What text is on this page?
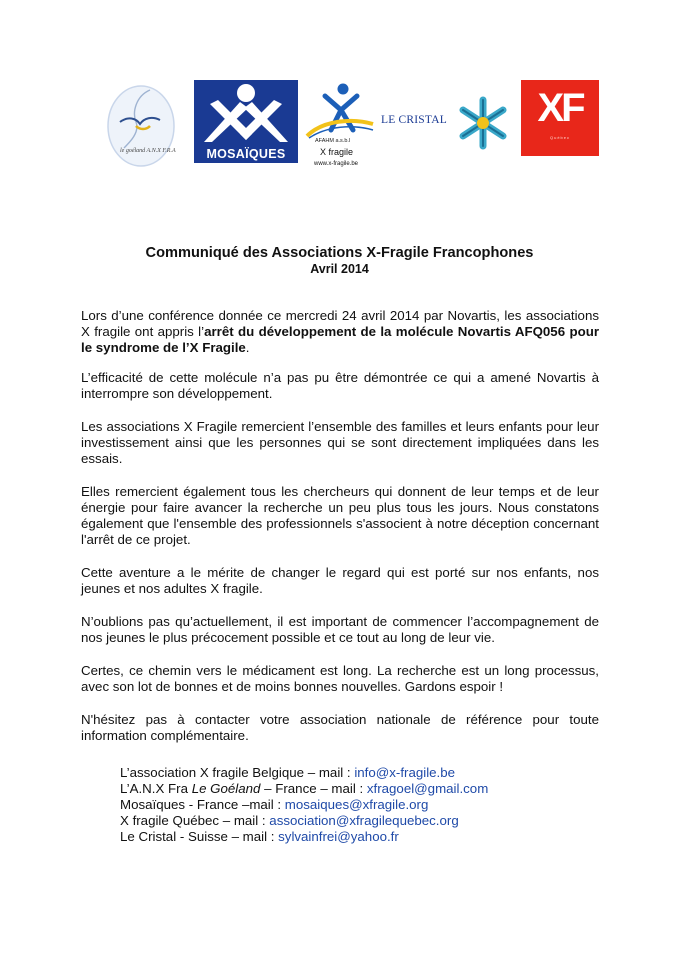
le goéland A.N.X F.R.A	MOSAÏQUES
AFAHM a.s.b.l
X fragile
www.x-fragile.be
LE CRISTAL	XF
Québec
Communiqué des Associations X-Fragile Francophones
Avril 2014

Lors d’une conférence donnée ce mercredi 24 avril 2014 par Novartis, les associations X fragile ont appris l’arrêt du développement de la molécule Novartis AFQ056 pour le syndrome de l’X Fragile.

L’efficacité de cette molécule n’a pas pu être démontrée ce qui a amené Novartis à interrompre son développement.

Les associations X Fragile remercient l’ensemble des familles et leurs enfants pour leur investissement ainsi que les personnes qui se sont directement impliquées dans les essais.

Elles remercient également tous les chercheurs qui donnent de leur temps et de leur énergie pour faire avancer la recherche un peu plus tous les jours. Nous constatons également que l'ensemble des professionnels s'associent à notre déception concernant l'arrêt de ce projet.

Cette aventure a le mérite de changer le regard qui est porté sur nos enfants, nos jeunes et nos adultes X fragile.

N’oublions pas qu’actuellement, il est important de commencer l’accompagnement de nos jeunes le plus précocement possible et ce tout au long de leur vie.

Certes, ce chemin vers le médicament est long. La recherche est un long processus, avec son lot de bonnes et de moins bonnes nouvelles. Gardons espoir !

N'hésitez pas à contacter votre association nationale de référence pour toute information complémentaire.

L’association X fragile Belgique – mail : info@x-fragile.be
L’A.N.X Fra Le Goéland – France – mail : xfragoel@gmail.com
Mosaïques - France –mail : mosaiques@xfragile.org
X fragile Québec – mail : association@xfragilequebec.org
Le Cristal - Suisse – mail : sylvainfrei@yahoo.fr
